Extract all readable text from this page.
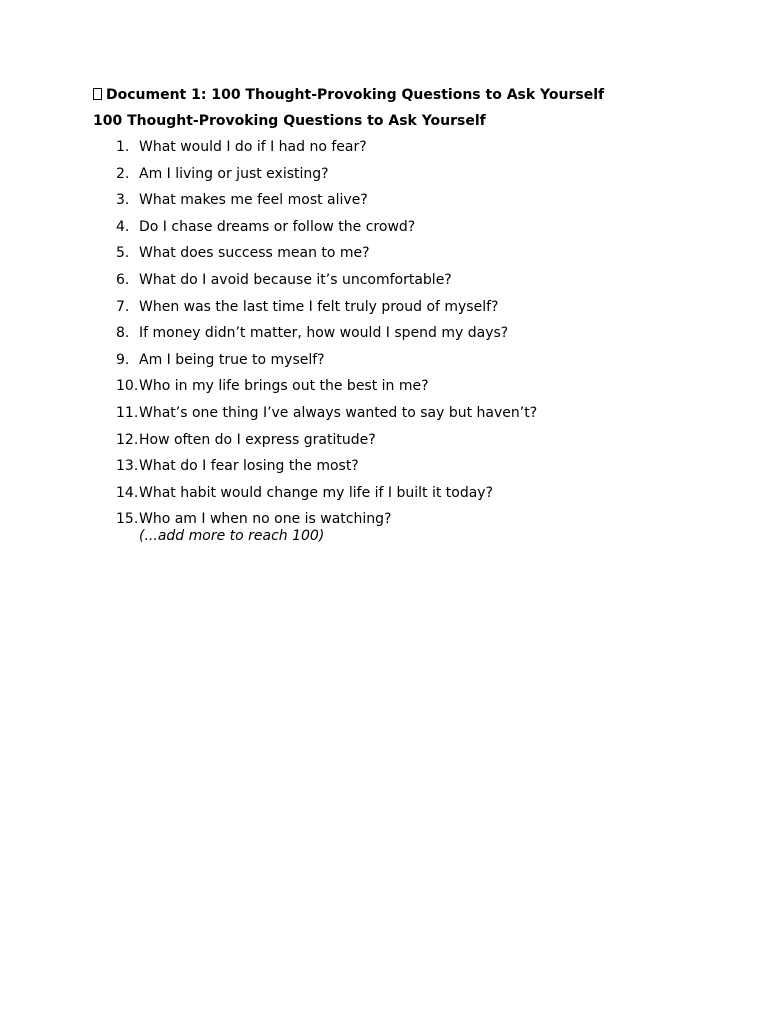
Document 1: 100 Thought-Provoking Questions to Ask Yourself
100 Thought-Provoking Questions to Ask Yourself
1. What would I do if I had no fear?
2. Am I living or just existing?
3. What makes me feel most alive?
4. Do I chase dreams or follow the crowd?
5. What does success mean to me?
6. What do I avoid because it’s uncomfortable?
7. When was the last time I felt truly proud of myself?
8. If money didn’t matter, how would I spend my days?
9. Am I being true to myself?
10. Who in my life brings out the best in me?
11. What’s one thing I’ve always wanted to say but haven’t?
12. How often do I express gratitude?
13. What do I fear losing the most?
14. What habit would change my life if I built it today?
15. Who am I when no one is watching?
(...add more to reach 100)
